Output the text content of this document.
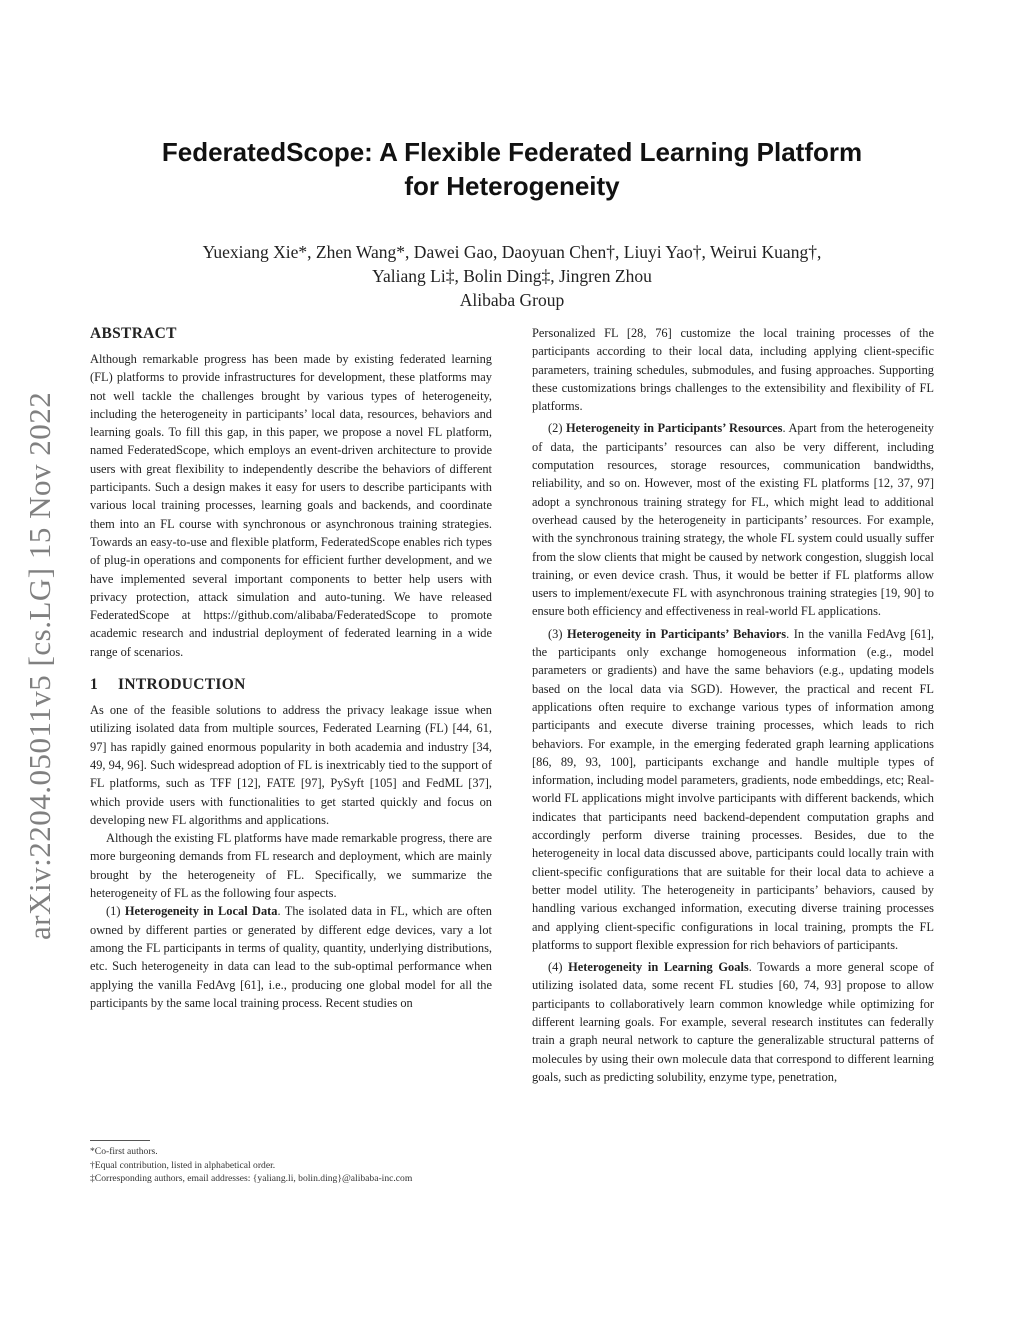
arXiv:2204.05011v5 [cs.LG] 15 Nov 2022
FederatedScope: A Flexible Federated Learning Platform
for Heterogeneity
Yuexiang Xie*, Zhen Wang*, Dawei Gao, Daoyuan Chen†, Liuyi Yao†, Weirui Kuang†,
Yaliang Li‡, Bolin Ding‡, Jingren Zhou
Alibaba Group
ABSTRACT

Although remarkable progress has been made by existing federated learning (FL) platforms to provide infrastructures for development, these platforms may not well tackle the challenges brought by various types of heterogeneity, including the heterogeneity in participants’ local data, resources, behaviors and learning goals. To fill this gap, in this paper, we propose a novel FL platform, named FederatedScope, which employs an event-driven architecture to provide users with great flexibility to independently describe the behaviors of different participants. Such a design makes it easy for users to describe participants with various local training processes, learning goals and backends, and coordinate them into an FL course with synchronous or asynchronous training strategies. Towards an easy-to-use and flexible platform, FederatedScope enables rich types of plug-in operations and components for efficient further development, and we have implemented several important components to better help users with privacy protection, attack simulation and auto-tuning. We have released FederatedScope at https://github.com/alibaba/FederatedScope to promote academic research and industrial deployment of federated learning in a wide range of scenarios.

1 INTRODUCTION

As one of the feasible solutions to address the privacy leakage issue when utilizing isolated data from multiple sources, Federated Learning (FL) [44, 61, 97] has rapidly gained enormous popularity in both academia and industry [34, 49, 94, 96]. Such widespread adoption of FL is inextricably tied to the support of FL platforms, such as TFF [12], FATE [97], PySyft [105] and FedML [37], which provide users with functionalities to get started quickly and focus on developing new FL algorithms and applications.

Although the existing FL platforms have made remarkable progress, there are more burgeoning demands from FL research and deployment, which are mainly brought by the heterogeneity of FL. Specifically, we summarize the heterogeneity of FL as the following four aspects.

(1) Heterogeneity in Local Data. The isolated data in FL, which are often owned by different parties or generated by different edge devices, vary a lot among the FL participants in terms of quality, quantity, underlying distributions, etc. Such heterogeneity in data can lead to the sub-optimal performance when applying the vanilla FedAvg [61], i.e., producing one global model for all the participants by the same local training process. Recent studies on

Personalized FL [28, 76] customize the local training processes of the participants according to their local data, including applying client-specific parameters, training schedules, submodules, and fusing approaches. Supporting these customizations brings challenges to the extensibility and flexibility of FL platforms.

(2) Heterogeneity in Participants’ Resources. Apart from the heterogeneity of data, the participants’ resources can also be very different, including computation resources, storage resources, communication bandwidths, reliability, and so on. However, most of the existing FL platforms [12, 37, 97] adopt a synchronous training strategy for FL, which might lead to additional overhead caused by the heterogeneity in participants’ resources. For example, with the synchronous training strategy, the whole FL system could usually suffer from the slow clients that might be caused by network congestion, sluggish local training, or even device crash. Thus, it would be better if FL platforms allow users to implement/execute FL with asynchronous training strategies [19, 90] to ensure both efficiency and effectiveness in real-world FL applications.

(3) Heterogeneity in Participants’ Behaviors. In the vanilla FedAvg [61], the participants only exchange homogeneous information (e.g., model parameters or gradients) and have the same behaviors (e.g., updating models based on the local data via SGD). However, the practical and recent FL applications often require to exchange various types of information among participants and execute diverse training processes, which leads to rich behaviors. For example, in the emerging federated graph learning applications [86, 89, 93, 100], participants exchange and handle multiple types of information, including model parameters, gradients, node embeddings, etc; Real-world FL applications might involve participants with different backends, which indicates that participants need backend-dependent computation graphs and accordingly perform diverse training processes. Besides, due to the heterogeneity in local data discussed above, participants could locally train with client-specific configurations that are suitable for their local data to achieve a better model utility. The heterogeneity in participants’ behaviors, caused by handling various exchanged information, executing diverse training processes and applying client-specific configurations in local training, prompts the FL platforms to support flexible expression for rich behaviors of participants.

(4) Heterogeneity in Learning Goals. Towards a more general scope of utilizing isolated data, some recent FL studies [60, 74, 93] propose to allow participants to collaboratively learn common knowledge while optimizing for different learning goals. For example, several research institutes can federally train a graph neural network to capture the generalizable structural patterns of molecules by using their own molecule data that correspond to different learning goals, such as predicting solubility, enzyme type, penetration,

*Co-first authors.
†Equal contribution, listed in alphabetical order.
‡Corresponding authors, email addresses: {yaliang.li, bolin.ding}@alibaba-inc.com
